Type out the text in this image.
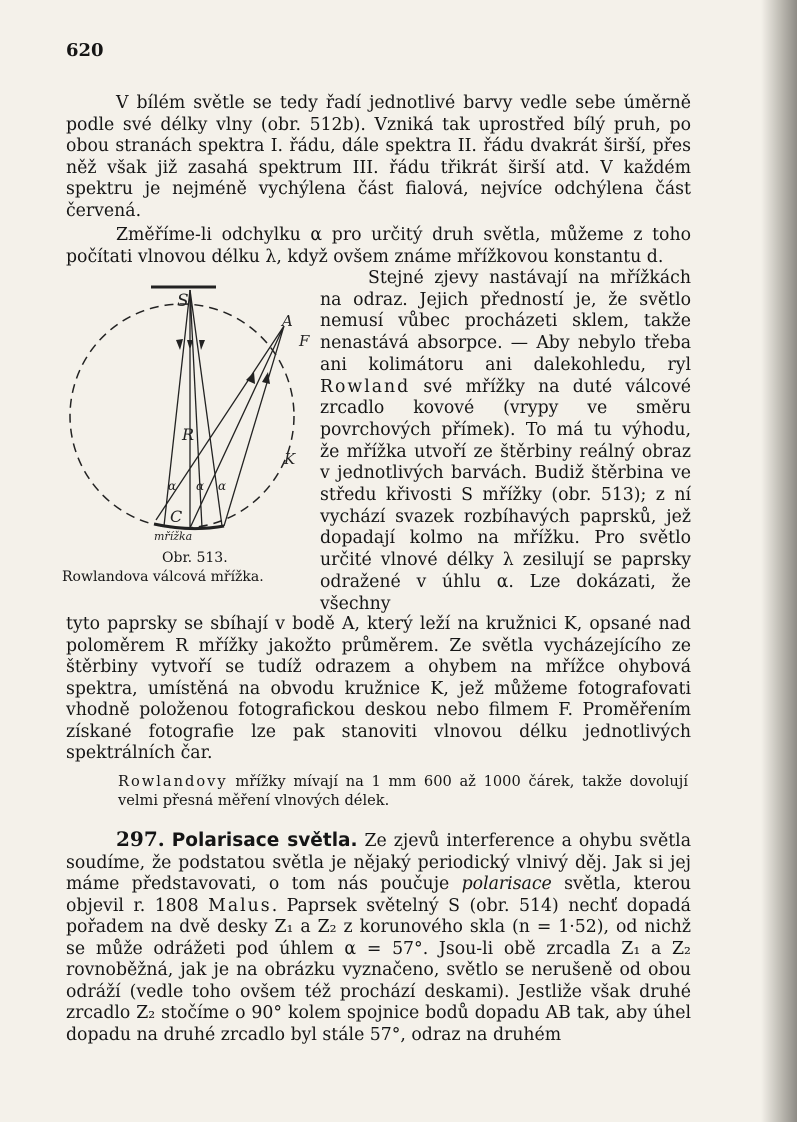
620

V bílém světle se tedy řadí jednotlivé barvy vedle sebe úměrně podle své délky vlny (obr. 512b). Vzniká tak uprostřed bílý pruh, po obou stranách spektra I. řádu, dále spektra II. řádu dvakrát širší, přes něž však již zasahá spektrum III. řádu třikrát širší atd. V každém spektru je nejméně vychýlena část fialová, nejvíce odchýlena část červená.

Změříme-li odchylku α pro určitý druh světla, můžeme z toho počítati vlnovou délku λ, když ovšem známe mřížkovou konstantu d.

S
A
F
R
K
C
α α α
mřížka
Obr. 513.
Rowlandova válcová mřížka.

Stejné zjevy nastávají na mřížkách na odraz. Jejich předností je, že světlo nemusí vůbec procházeti sklem, takže nenastává absorpce. — Aby nebylo třeba ani kolimátoru ani dalekohledu, ryl Rowland své mřížky na duté válcové zrcadlo kovové (vrypy ve směru povrchových přímek). To má tu výhodu, že mřížka utvoří ze štěrbiny reálný obraz v jednotlivých barvách. Budiž štěrbina ve středu křivosti S mřížky (obr. 513); z ní vychází svazek rozbíhavých paprsků, jež dopadají kolmo na mřížku. Pro světlo určité vlnové délky λ zesilují se paprsky odražené v úhlu α. Lze dokázati, že všechny

tyto paprsky se sbíhají v bodě A, který leží na kružnici K, opsané nad poloměrem R mřížky jakožto průměrem. Ze světla vycházejícího ze štěrbiny vytvoří se tudíž odrazem a ohybem na mřížce ohybová spektra, umístěná na obvodu kružnice K, jež můžeme fotografovati vhodně položenou fotografickou deskou nebo filmem F. Proměřením získané fotografie lze pak stanoviti vlnovou délku jednotlivých spektrálních čar.

Rowlandovy mřížky mívají na 1 mm 600 až 1000 čárek, takže dovolují velmi přesná měření vlnových délek.

297. Polarisace světla. Ze zjevů interference a ohybu světla soudíme, že podstatou světla je nějaký periodický vlnivý děj. Jak si jej máme představovati, o tom nás poučuje polarisace světla, kterou objevil r. 1808 Malus. Paprsek světelný S (obr. 514) nechť dopadá pořadem na dvě desky Z₁ a Z₂ z korunového skla (n = 1·52), od nichž se může odrážeti pod úhlem α = 57°. Jsou-li obě zrcadla Z₁ a Z₂ rovnoběžná, jak je na obrázku vyznačeno, světlo se nerušeně od obou odráží (vedle toho ovšem též prochází deskami). Jestliže však druhé zrcadlo Z₂ stočíme o 90° kolem spojnice bodů dopadu AB tak, aby úhel dopadu na druhé zrcadlo byl stále 57°, odraz na druhém
